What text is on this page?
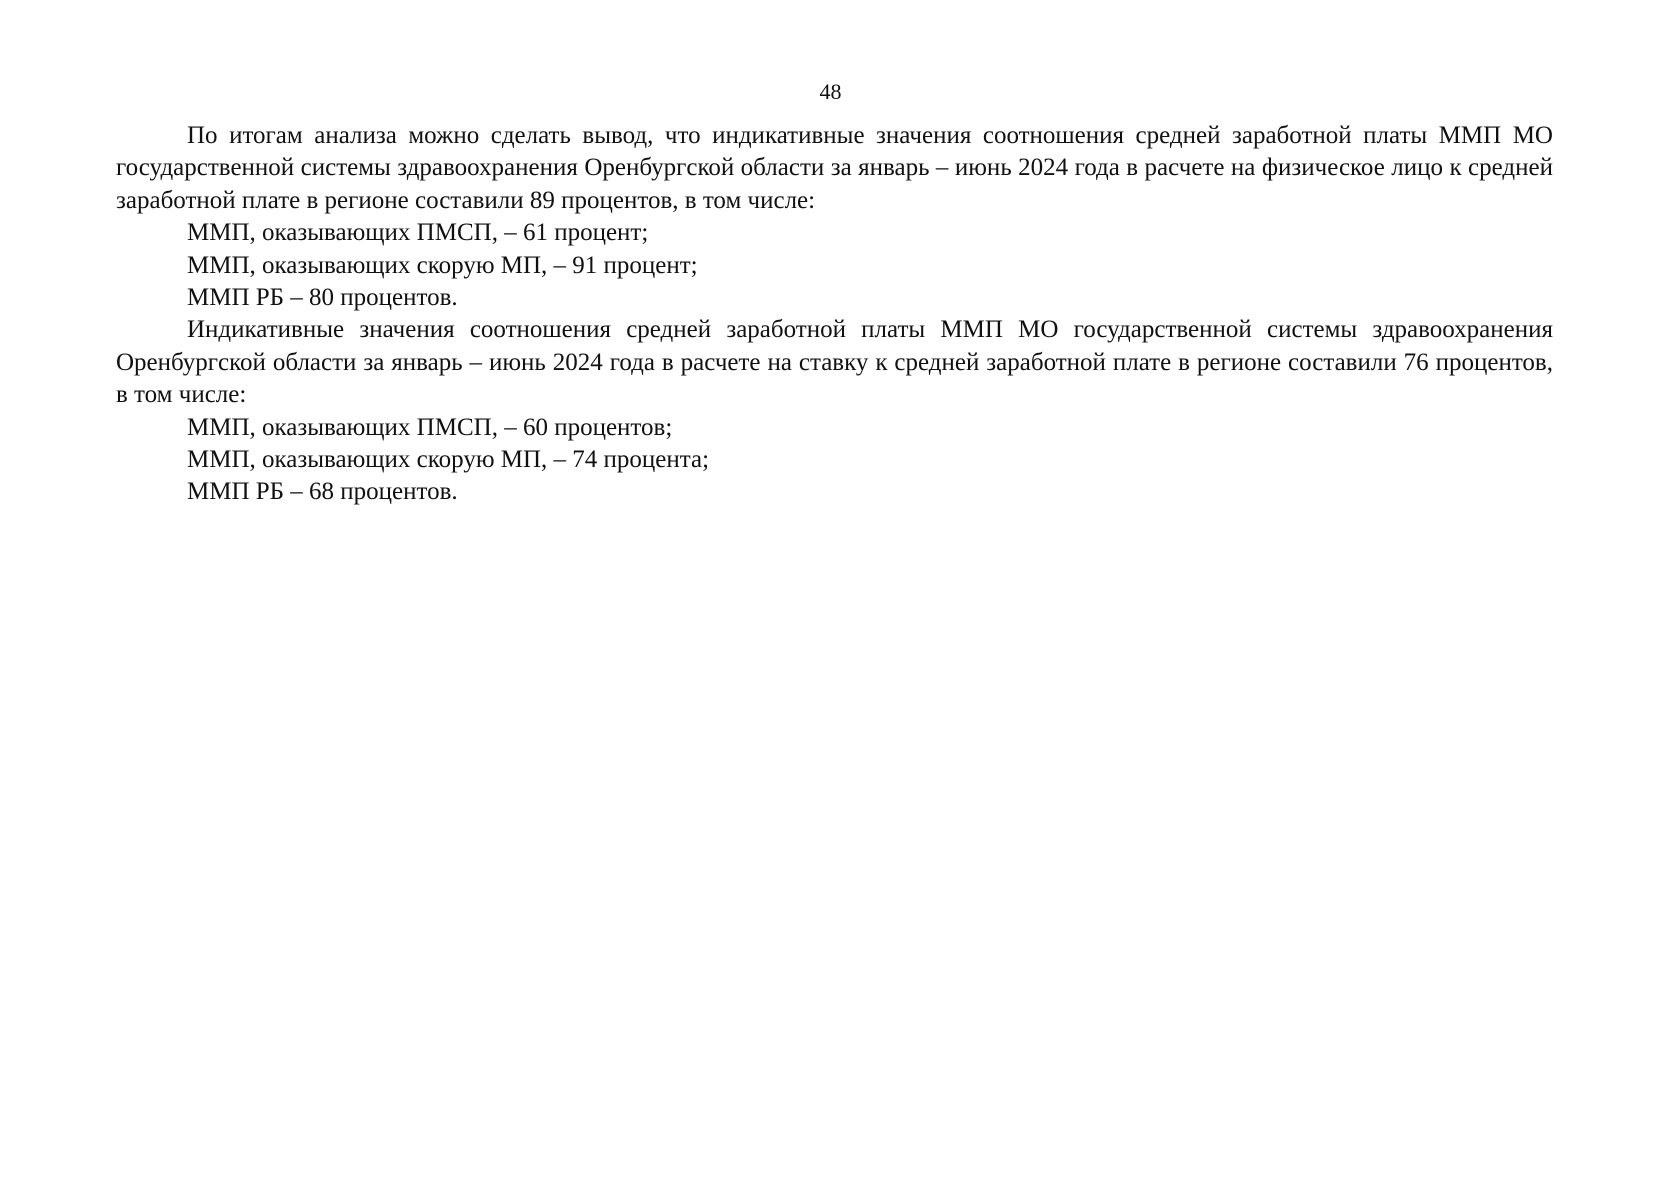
48

По итогам анализа можно сделать вывод, что индикативные значения соотношения средней заработной платы ММП МО государственной системы здравоохранения Оренбургской области за январь – июнь 2024 года в расчете на физическое лицо к средней заработной плате в регионе составили 89 процентов, в том числе:

ММП, оказывающих ПМСП, – 61 процент;

ММП, оказывающих скорую МП, – 91 процент;

ММП РБ – 80 процентов.

Индикативные значения соотношения средней заработной платы ММП МО государственной системы здравоохранения Оренбургской области за январь – июнь 2024 года в расчете на ставку к средней заработной плате в регионе составили 76 процентов, в том числе:

ММП, оказывающих ПМСП, – 60 процентов;

ММП, оказывающих скорую МП, – 74 процента;

ММП РБ – 68 процентов.
